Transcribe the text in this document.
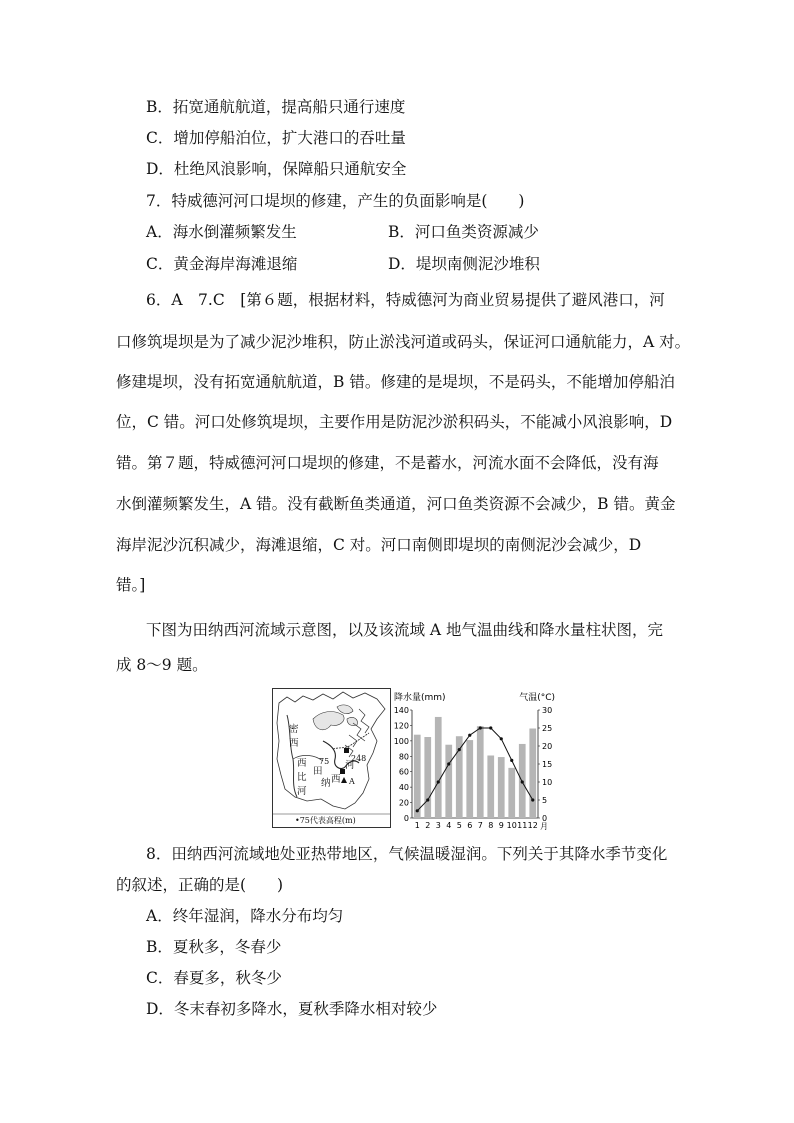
B．拓宽通航航道，提高船只通行速度
C．增加停船泊位，扩大港口的吞吐量
D．杜绝风浪影响，保障船只通航安全
7．特威德河河口堤坝的修建，产生的负面影响是(　　)
A．海水倒灌频繁发生	B．河口鱼类资源减少
C．黄金海岸海滩退缩	D．堤坝南侧泥沙堆积
6．A　7.C　[第６题，根据材料，特威德河为商业贸易提供了避风港口，河
口修筑堤坝是为了减少泥沙堆积，防止淤浅河道或码头，保证河口通航能力，A 对。
修建堤坝，没有拓宽通航航道，B 错。修建的是堤坝，不是码头，不能增加停船泊
位，C 错。河口处修筑堤坝，主要作用是防泥沙淤积码头，不能减小风浪影响，D
错。第７题，特威德河河口堤坝的修建，不是蓄水，河流水面不会降低，没有海
水倒灌频繁发生，A 错。没有截断鱼类通道，河口鱼类资源不会减少，B 错。黄金
海岸泥沙沉积减少，海滩退缩，C 对。河口南侧即堤坝的南侧泥沙会减少，D
错。]
下图为田纳西河流域示意图，以及该流域 A 地气温曲线和降水量柱状图，完
成 8～9 题。
密
西
西
比
河
田
纳 西
河
75	248
A
•75代表高程(m)	0
20
40
60
80
100
120
140
0
5
10
15
20
25
30
降水量(mm)	气温(°C)
1 2 3 4 5 6 7 8 9 10 11 12 月
8．田纳西河流域地处亚热带地区，气候温暖湿润。下列关于其降水季节变化
的叙述，正确的是(　　)
A．终年湿润，降水分布均匀
B．夏秋多，冬春少
C．春夏多，秋冬少
D．冬末春初多降水，夏秋季降水相对较少
